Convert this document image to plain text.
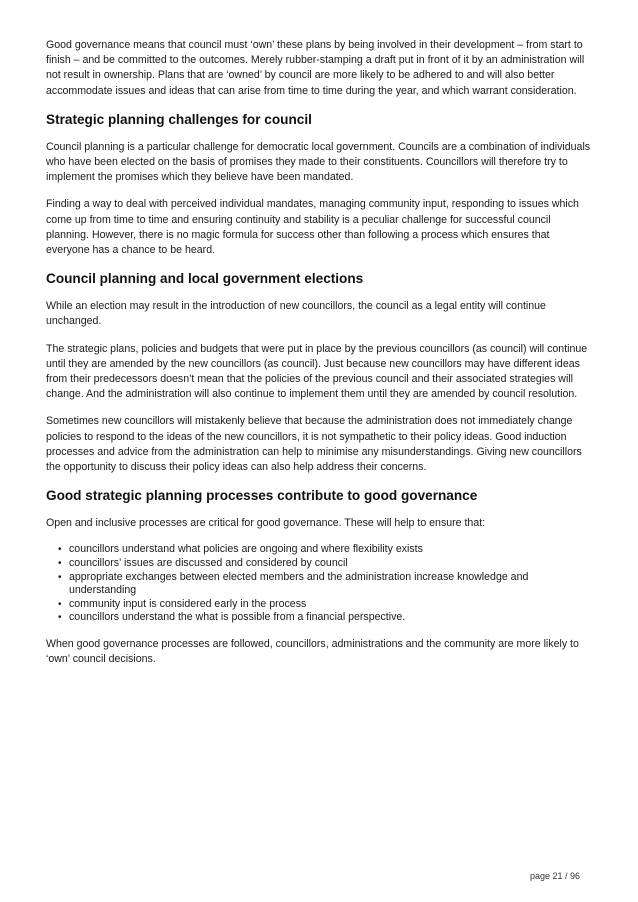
Good governance means that council must ‘own’ these plans by being involved in their development – from start to finish – and be committed to the outcomes. Merely rubber-stamping a draft put in front of it by an administration will not result in ownership. Plans that are ‘owned’ by council are more likely to be adhered to and will also better accommodate issues and ideas that can arise from time to time during the year, and which warrant consideration.

Strategic planning challenges for council

Council planning is a particular challenge for democratic local government. Councils are a combination of individuals who have been elected on the basis of promises they made to their constituents. Councillors will therefore try to implement the promises which they believe have been mandated.

Finding a way to deal with perceived individual mandates, managing community input, responding to issues which come up from time to time and ensuring continuity and stability is a peculiar challenge for successful council planning. However, there is no magic formula for success other than following a process which ensures that everyone has a chance to be heard.

Council planning and local government elections

While an election may result in the introduction of new councillors, the council as a legal entity will continue unchanged.

The strategic plans, policies and budgets that were put in place by the previous councillors (as council) will continue until they are amended by the new councillors (as council). Just because new councillors may have different ideas from their predecessors doesn’t mean that the policies of the previous council and their associated strategies will change. And the administration will also continue to implement them until they are amended by council resolution.

Sometimes new councillors will mistakenly believe that because the administration does not immediately change policies to respond to the ideas of the new councillors, it is not sympathetic to their policy ideas. Good induction processes and advice from the administration can help to minimise any misunderstandings. Giving new councillors the opportunity to discuss their policy ideas can also help address their concerns.

Good strategic planning processes contribute to good governance

Open and inclusive processes are critical for good governance. These will help to ensure that:

• councillors understand what policies are ongoing and where flexibility exists
• councillors’ issues are discussed and considered by council
• appropriate exchanges between elected members and the administration increase knowledge and understanding
• community input is considered early in the process
• councillors understand the what is possible from a financial perspective.

When good governance processes are followed, councillors, administrations and the community are more likely to ‘own’ council decisions.

page 21 / 96
